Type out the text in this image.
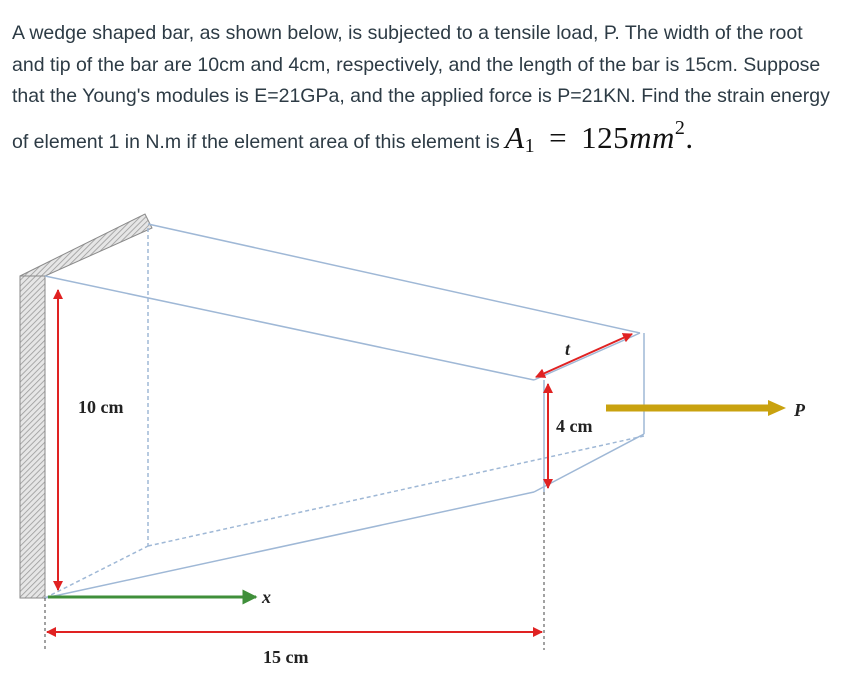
A wedge shaped bar, as shown below, is subjected to a tensile load, P. The width of the root and tip of the bar are 10cm and 4cm, respectively, and the length of the bar is 15cm. Suppose that the Young's modules is E=21GPa, and the applied force is P=21KN. Find the strain energy of element 1 in N.m if the element area of this element is $A_1 = 125mm^2$.
10 cm
4 cm
t
x
15 cm
P
